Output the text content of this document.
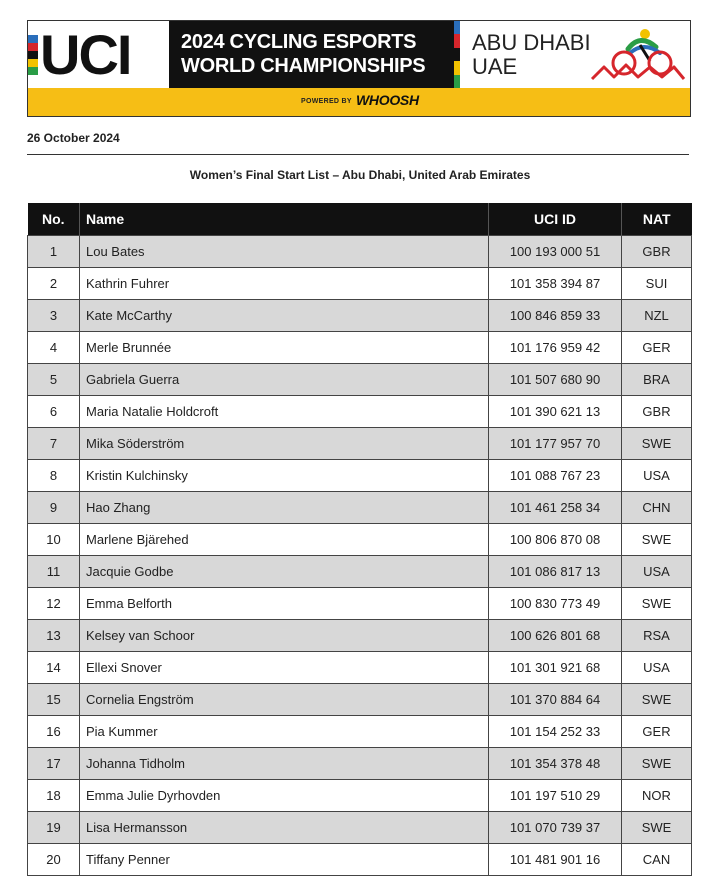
UCI	2024 CYCLING ESPORTS
WORLD CHAMPIONSHIPS
ABU DHABI
UAE
POWERED BY WHOOSH
26 October 2024
Women’s Final Start List – Abu Dhabi, United Arab Emirates
No.	Name	UCI ID	NAT
1	Lou Bates	100 193 000 51	GBR
2	Kathrin Fuhrer	101 358 394 87	SUI
3	Kate McCarthy	100 846 859 33	NZL
4	Merle Brunnée	101 176 959 42	GER
5	Gabriela Guerra	101 507 680 90	BRA
6	Maria Natalie Holdcroft	101 390 621 13	GBR
7	Mika Söderström	101 177 957 70	SWE
8	Kristin Kulchinsky	101 088 767 23	USA
9	Hao Zhang	101 461 258 34	CHN
10	Marlene Bjärehed	100 806 870 08	SWE
11	Jacquie Godbe	101 086 817 13	USA
12	Emma Belforth	100 830 773 49	SWE
13	Kelsey van Schoor	100 626 801 68	RSA
14	Ellexi Snover	101 301 921 68	USA
15	Cornelia Engström	101 370 884 64	SWE
16	Pia Kummer	101 154 252 33	GER
17	Johanna Tidholm	101 354 378 48	SWE
18	Emma Julie Dyrhovden	101 197 510 29	NOR
19	Lisa Hermansson	101 070 739 37	SWE
20	Tiffany Penner	101 481 901 16	CAN
